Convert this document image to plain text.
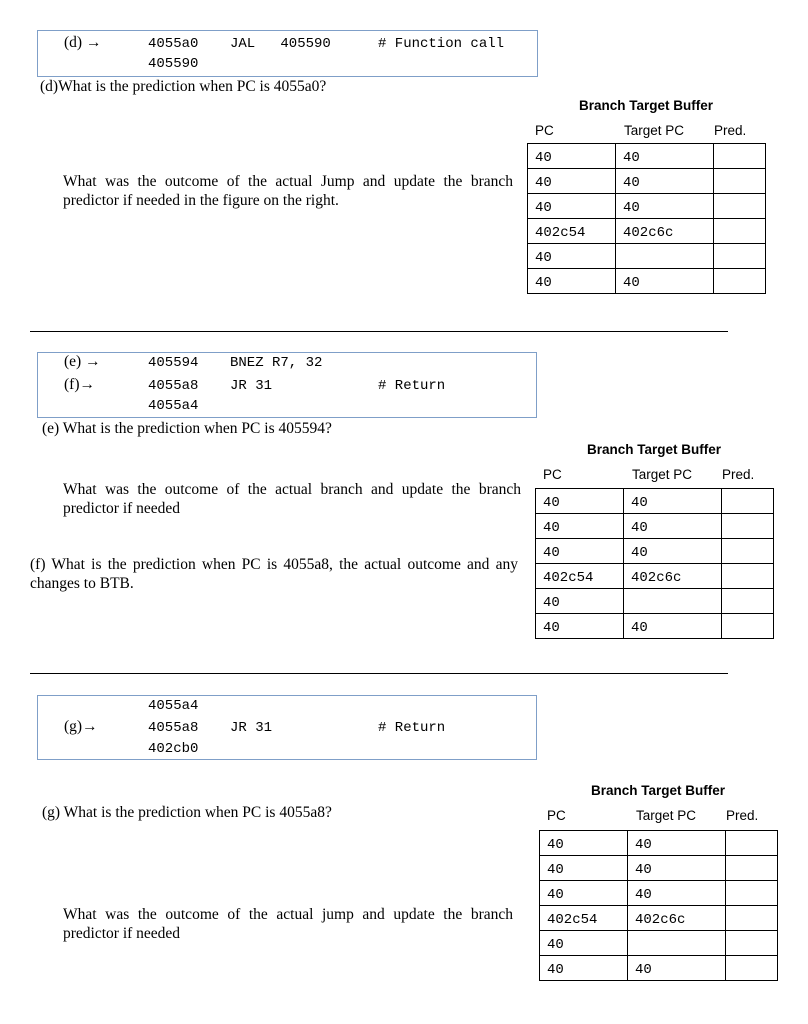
(d) →	4055a0 JAL   405590	# Function call
405590
(d)What is the prediction when PC is 4055a0?
What was the outcome of the actual Jump and update the branch predictor if needed in the figure on the right.
Branch Target Buffer
PC	Target PC Pred.
40	40	
40	40	
40	40	
402c54	402c6c	
40		
40	40	
(e) →	405594 BNEZ R7, 32
(f)→	4055a8 JR 31	# Return
4055a4
(e) What is the prediction when PC is 405594?
What was the outcome of the actual branch and update the branch predictor if needed
(f) What is the prediction when PC is 4055a8, the actual outcome and any changes to BTB.
Branch Target Buffer
PC	Target PC Pred.
40	40	
40	40	
40	40	
402c54	402c6c	
40		
40	40	
4055a4
(g)→	4055a8 JR 31	# Return
402cb0
(g) What is the prediction when PC is 4055a8?
What was the outcome of the actual jump and update the branch predictor if needed
Branch Target Buffer
PC	Target PC Pred.
40	40	
40	40	
40	40	
402c54	402c6c	
40		
40	40	
